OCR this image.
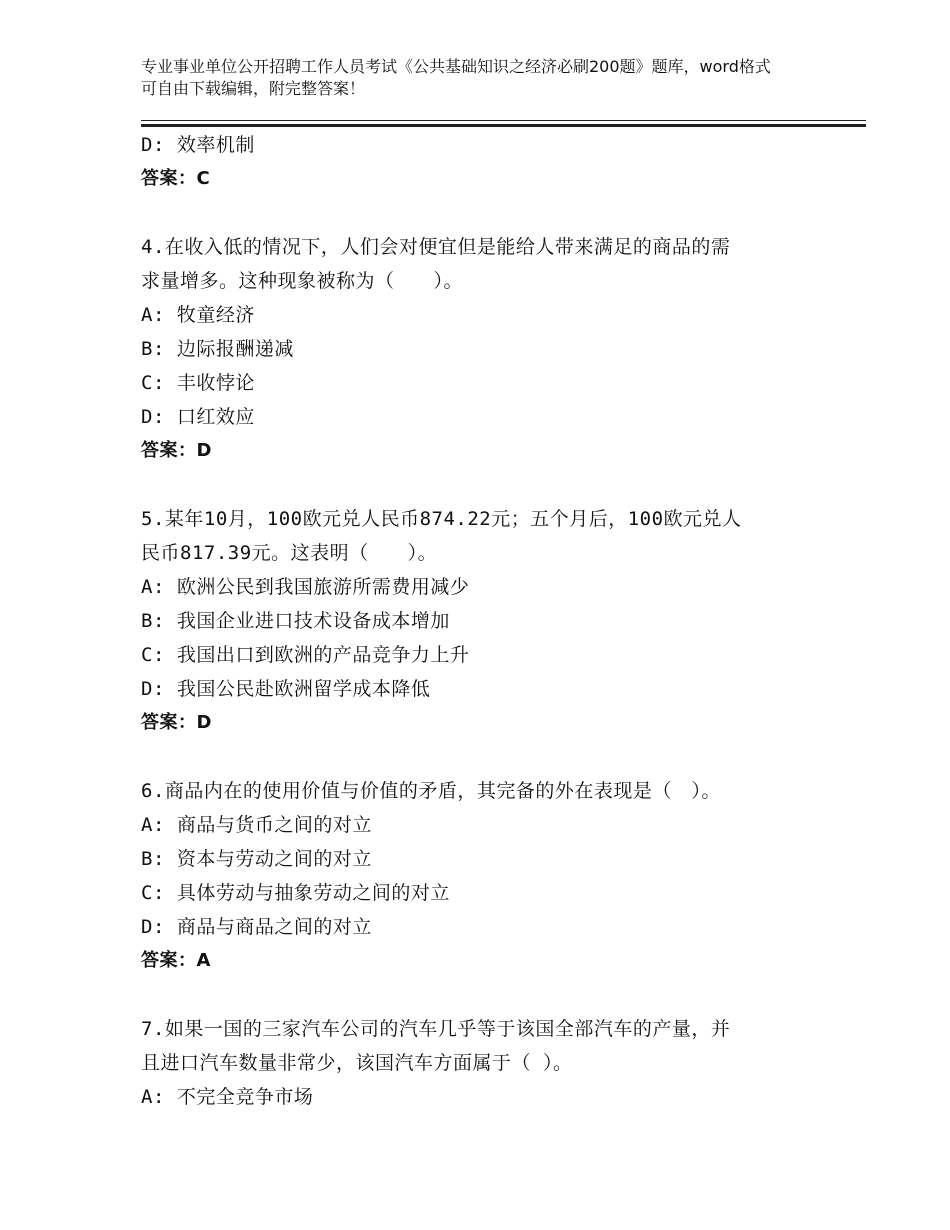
专业事业单位公开招聘工作人员考试《公共基础知识之经济必刷200题》题库，word格式可自由下载编辑，附完整答案！
D: 效率机制
答案：C
4.在收入低的情况下，人们会对便宜但是能给人带来满足的商品的需
求量增多。这种现象被称为（　　）。
A: 牧童经济
B: 边际报酬递减
C: 丰收悖论
D: 口红效应
答案：D
5.某年10月，100欧元兑人民币874.22元；五个月后，100欧元兑人
民币817.39元。这表明（　　）。
A: 欧洲公民到我国旅游所需费用减少
B: 我国企业进口技术设备成本增加
C: 我国出口到欧洲的产品竞争力上升
D: 我国公民赴欧洲留学成本降低
答案：D
6.商品内在的使用价值与价值的矛盾，其完备的外在表现是（　）。
A: 商品与货币之间的对立
B: 资本与劳动之间的对立
C: 具体劳动与抽象劳动之间的对立
D: 商品与商品之间的对立
答案：A
7.如果一国的三家汽车公司的汽车几乎等于该国全部汽车的产量，并
且进口汽车数量非常少，该国汽车方面属于（ ）。
A: 不完全竞争市场
